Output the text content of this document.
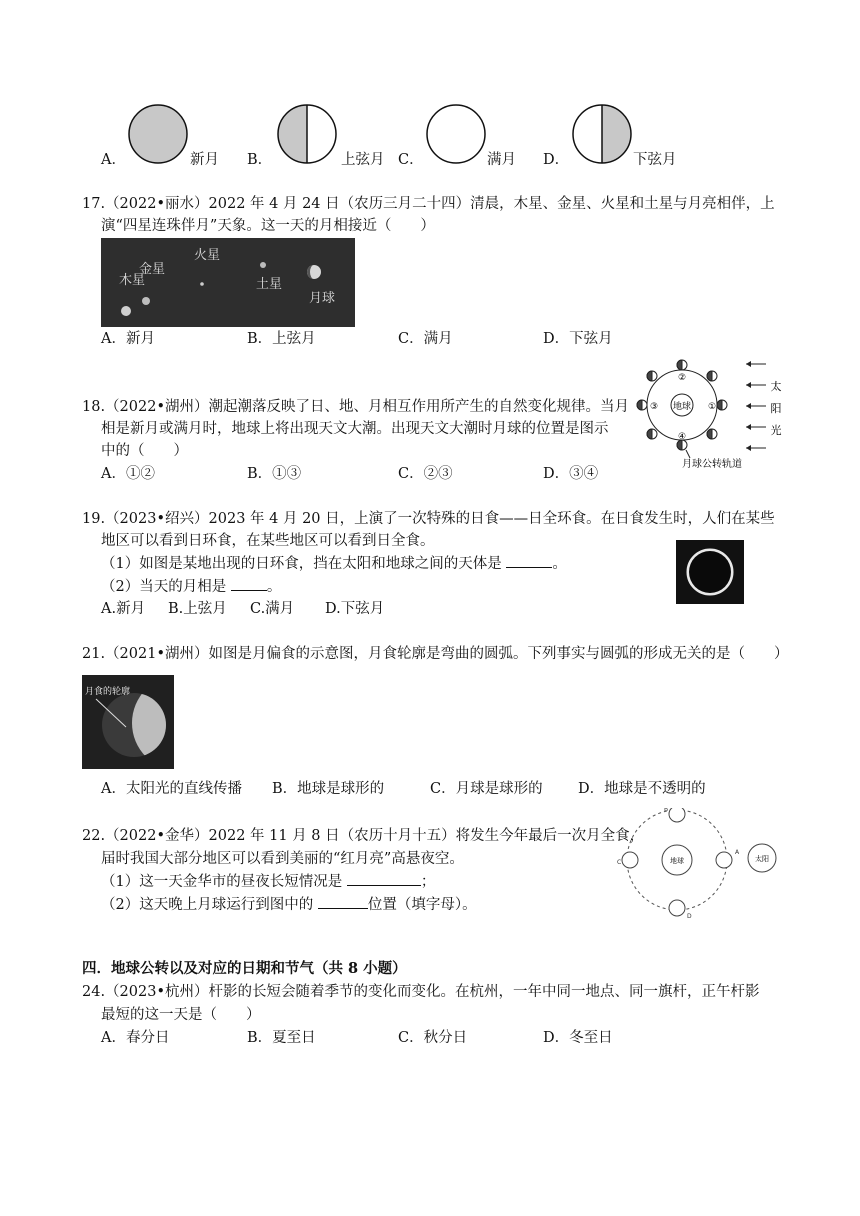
A．	新月 B．	上弦月 C．	满月 D．	下弦月
17.（2022•丽水）2022 年 4 月 24 日（农历三月二十四）清晨，木星、金星、火星和土星与月亮相伴，上
演“四星连珠伴月”天象。这一天的月相接近（　　）
木星
金星
火星
土星
月球
A．新月	B．上弦月	C．满月	D．下弦月
18.（2022•湖州）潮起潮落反映了日、地、月相互作用所产生的自然变化规律。当月
相是新月或满月时，地球上将出现天文大潮。出现天文大潮时月球的位置是图示
中的（　　）
A．①②	B．①③	C．②③	D．③④
地球 ①
②
③
④
太
阳
光
月球公转轨道
19.（2023•绍兴）2023 年 4 月 20 日，上演了一次特殊的日食——日全环食。在日食发生时，人们在某些
地区可以看到日环食，在某些地区可以看到日全食。
（1）如图是某地出现的日环食，挡在太阳和地球之间的天体是	。
（2）当天的月相是	。
A.新月 B.上弦月 C.满月 D.下弦月
21.（2021•湖州）如图是月偏食的示意图，月食轮廓是弯曲的圆弧。下列事实与圆弧的形成无关的是（　　）
月食的轮廓
A．太阳光的直线传播 B．地球是球形的	C．月球是球形的 D．地球是不透明的
22.（2022•金华）2022 年 11 月 8 日（农历十月十五）将发生今年最后一次月全食，
届时我国大部分地区可以看到美丽的“红月亮”高悬夜空。
（1）这一天金华市的昼夜长短情况是	；
（2）这天晚上月球运行到图中的	位置（填字母）。
地球	太阳
A
B
C
D
四．地球公转以及对应的日期和节气（共 8 小题）
24.（2023•杭州）杆影的长短会随着季节的变化而变化。在杭州，一年中同一地点、同一旗杆，正午杆影
最短的这一天是（　　）
A．春分日	B．夏至日	C．秋分日	D．冬至日
